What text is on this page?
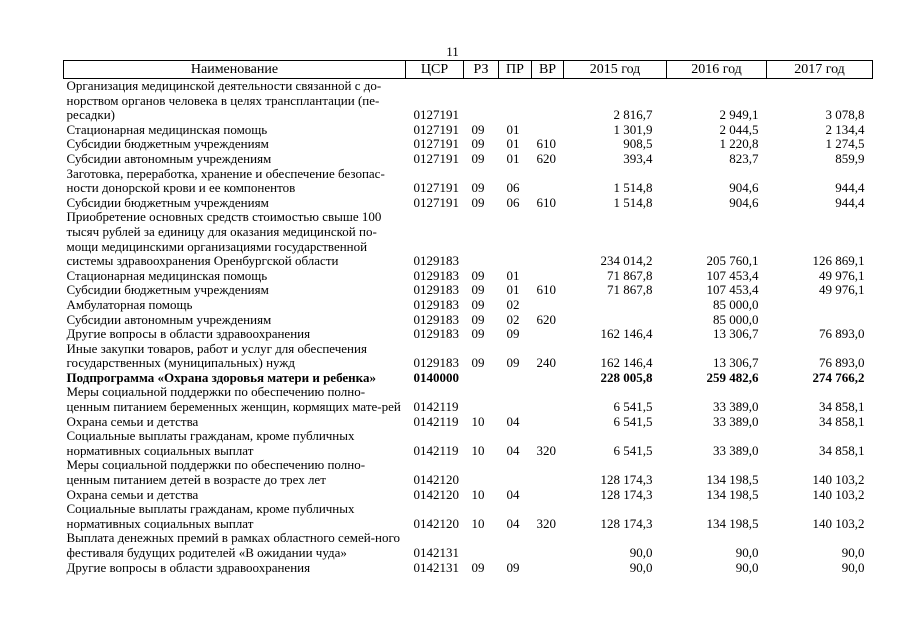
11
Наименование	ЦСР	РЗ	ПР	ВР	2015 год	2016 год	2017 год
Организация медицинской деятельности связанной с до-норством органов человека в целях трансплантации (пе-ресадки)	0127191				2 816,7	2 949,1	3 078,8
Стационарная медицинская помощь	0127191	09	01		1 301,9	2 044,5	2 134,4
Субсидии бюджетным учреждениям	0127191	09	01	610	908,5	1 220,8	1 274,5
Субсидии автономным учреждениям	0127191	09	01	620	393,4	823,7	859,9
Заготовка, переработка, хранение и обеспечение безопас-ности донорской крови и ее компонентов	0127191	09	06		1 514,8	904,6	944,4
Субсидии бюджетным учреждениям	0127191	09	06	610	1 514,8	904,6	944,4
Приобретение основных средств стоимостью свыше 100 тысяч рублей за единицу для оказания медицинской по-мощи медицинскими организациями государственной системы здравоохранения Оренбургской области	0129183				234 014,2	205 760,1	126 869,1
Стационарная медицинская помощь	0129183	09	01		71 867,8	107 453,4	49 976,1
Субсидии бюджетным учреждениям	0129183	09	01	610	71 867,8	107 453,4	49 976,1
Амбулаторная помощь	0129183	09	02			85 000,0	
Субсидии автономным учреждениям	0129183	09	02	620		85 000,0	
Другие вопросы в области здравоохранения	0129183	09	09		162 146,4	13 306,7	76 893,0
Иные закупки товаров, работ и услуг для обеспечения государственных (муниципальных) нужд	0129183	09	09	240	162 146,4	13 306,7	76 893,0
Подпрограмма «Охрана здоровья матери и ребенка»	0140000				228 005,8	259 482,6	274 766,2
Меры социальной поддержки по обеспечению полно-ценным питанием беременных женщин, кормящих мате-рей	0142119				6 541,5	33 389,0	34 858,1
Охрана семьи и детства	0142119	10	04		6 541,5	33 389,0	34 858,1
Социальные выплаты гражданам, кроме публичных нормативных социальных выплат	0142119	10	04	320	6 541,5	33 389,0	34 858,1
Меры социальной поддержки по обеспечению полно-ценным питанием детей в возрасте до трех лет	0142120				128 174,3	134 198,5	140 103,2
Охрана семьи и детства	0142120	10	04		128 174,3	134 198,5	140 103,2
Социальные выплаты гражданам, кроме публичных нормативных социальных выплат	0142120	10	04	320	128 174,3	134 198,5	140 103,2
Выплата денежных премий в рамках областного семей-ного фестиваля будущих родителей «В ожидании чуда»	0142131				90,0	90,0	90,0
Другие вопросы в области здравоохранения	0142131	09	09		90,0	90,0	90,0
